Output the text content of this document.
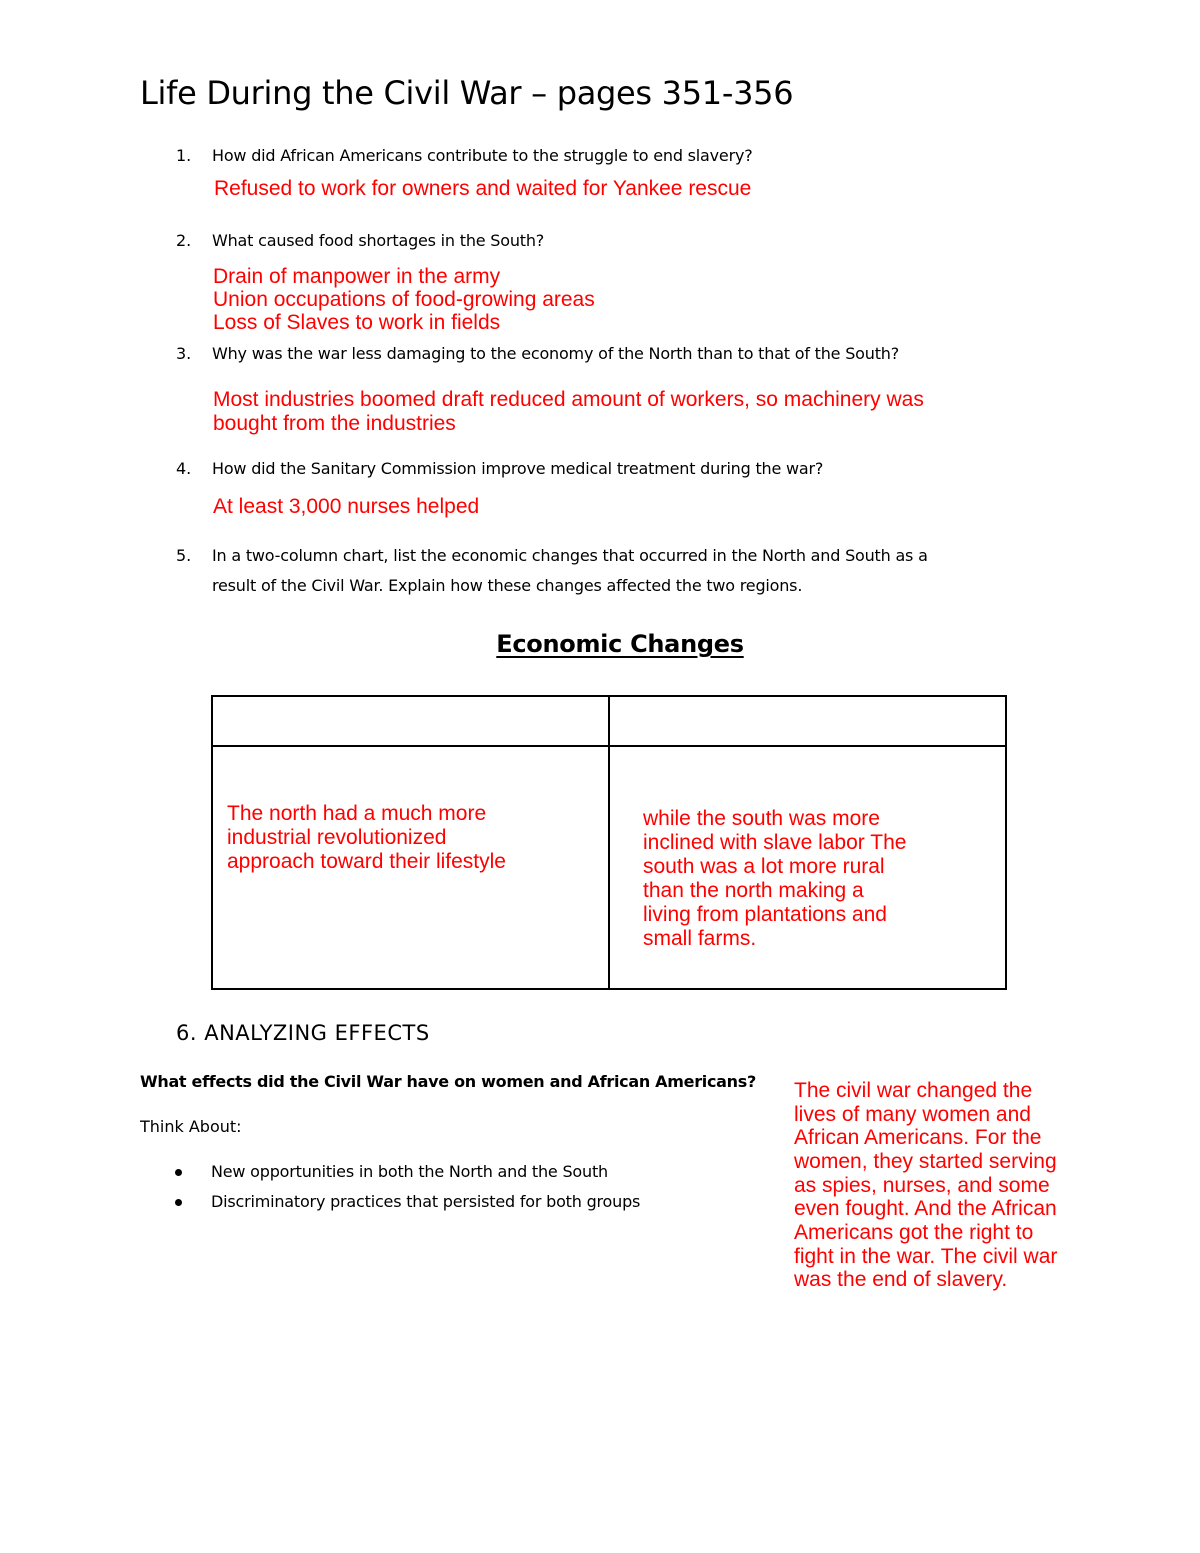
Life During the Civil War – pages 351-356
1. How did African Americans contribute to the struggle to end slavery?
Refused to work for owners and waited for Yankee rescue
2. What caused food shortages in the South?
Drain of manpower in the army
Union occupations of food-growing areas
Loss of Slaves to work in fields
3. Why was the war less damaging to the economy of the North than to that of the South?
Most industries boomed draft reduced amount of workers, so machinery was
bought from the industries
4. How did the Sanitary Commission improve medical treatment during the war?
At least 3,000 nurses helped
5. In a two-column chart, list the economic changes that occurred in the North and South as a
result of the Civil War. Explain how these changes affected the two regions.
Economic Changes
The north had a much more
industrial revolutionized
approach toward their lifestyle
while the south was more
inclined with slave labor The
south was a lot more rural
than the north making a
living from plantations and
small farms.
6. ANALYZING EFFECTS
What effects did the Civil War have on women and African Americans?
Think About:
New opportunities in both the North and the South
Discriminatory practices that persisted for both groups
The civil war changed the
lives of many women and
African Americans. For the
women, they started serving
as spies, nurses, and some
even fought. And the African
Americans got the right to
fight in the war. The civil war
was the end of slavery.
